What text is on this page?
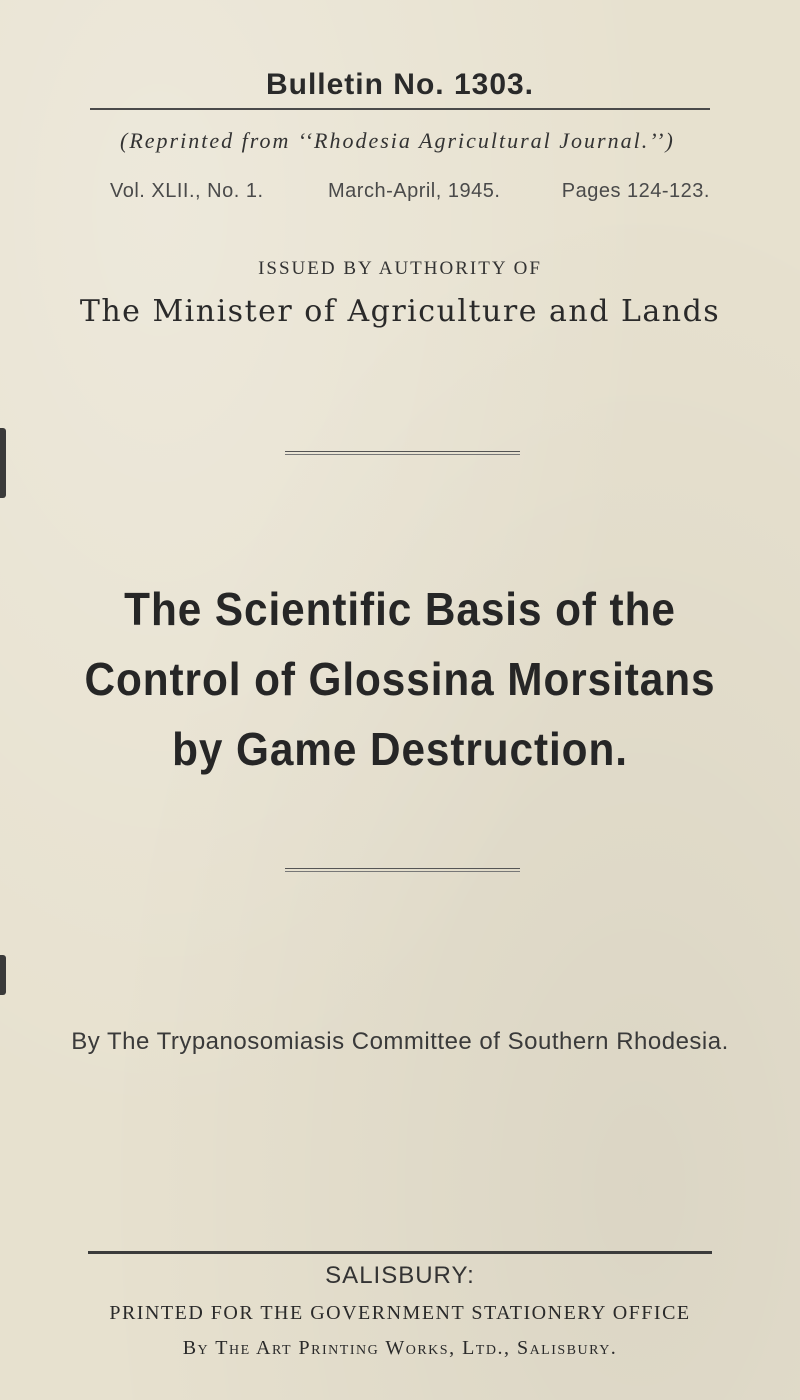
Bulletin No. 1303.
(Reprinted from ‘‘Rhodesia Agricultural Journal.’’)
Vol. XLII., No. 1.	March-April, 1945.	Pages 124-123.
ISSUED BY AUTHORITY OF
The Minister of Agriculture and Lands
The Scientific Basis of the
Control of Glossina Morsitans
by Game Destruction.
By The Trypanosomiasis Committee of Southern Rhodesia.
SALISBURY:
PRINTED FOR THE GOVERNMENT STATIONERY OFFICE
By The Art Printing Works, Ltd., Salisbury.
